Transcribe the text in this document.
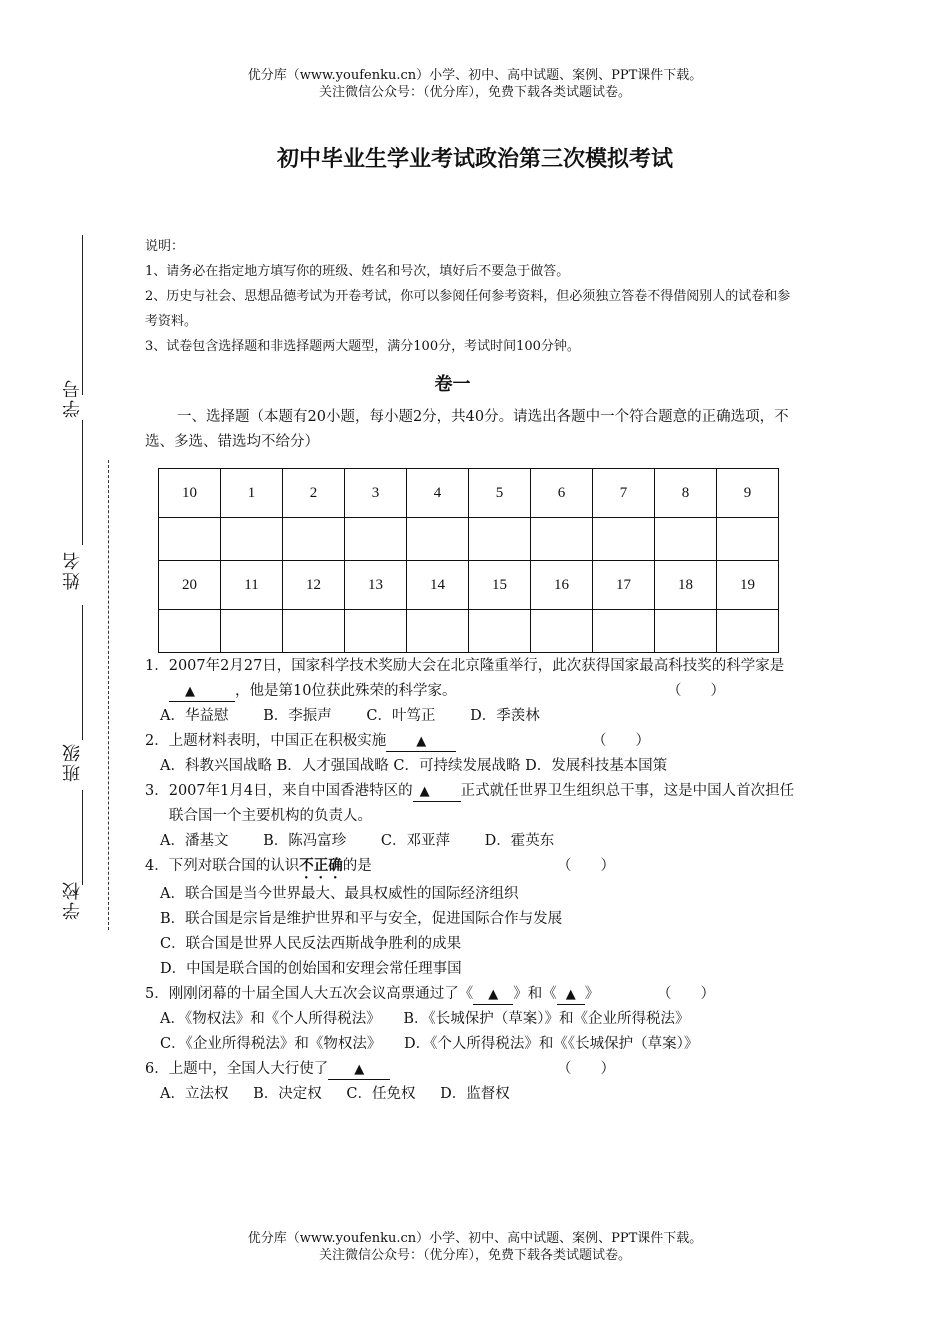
优分库（www.youfenku.cn）小学、初中、高中试题、案例、PPT课件下载。
关注微信公众号：（优分库），免费下载各类试题试卷。
初中毕业生学业考试政治第三次模拟考试
学号
姓名
班级
学校
说明：
1、请务必在指定地方填写你的班级、姓名和号次，填好后不要急于做答。
2、历史与社会、思想品德考试为开卷考试，你可以参阅任何参考资料，但必须独立答卷不得借阅别人的试卷和参考资料。
3、试卷包含选择题和非选择题两大题型，满分100分，考试时间100分钟。
卷一
一、选择题（本题有20小题，每小题2分，共40分。请选出各题中一个符合题意的正确选项，不选、多选、错选均不给分）
10	1	2	3	4	5	6	7	8	9

20	11	12	13	14	15	16	17	18	19

1．2007年2月27日，国家科学技术奖励大会在北京隆重举行，此次获得国家最高科技奖的科学家是▲	，他是第10位获此殊荣的科学家。	（　　）
A．华益慰 B．李振声 C．叶笃正 D．季羡林
2．上题材料表明，中国正在积极实施 ▲	（　　）
A．科教兴国战略 B．人才强国战略 C．可持续发展战略 D．发展科技基本国策
3．2007年1月4日，来自中国香港特区的 ▲ 正式就任世界卫生组织总干事，这是中国人首次担任联合国一个主要机构的负责人。
A．潘基文 B．陈冯富珍 C．邓亚萍 D．霍英东
4．下列对联合国的认识不正确的是	（　　）
A．联合国是当今世界最大、最具权威性的国际经济组织
B．联合国是宗旨是维护世界和平与安全，促进国际合作与发展
C．联合国是世界人民反法西斯战争胜利的成果
D．中国是联合国的创始国和安理会常任理事国
5．刚刚闭幕的十届全国人大五次会议高票通过了《 ▲ 》和《 ▲ 》	（　　）
A．《物权法》和《个人所得税法》 B．《长城保护（草案）》和《企业所得税法》
C．《企业所得税法》和《物权法》 D．《个人所得税法》和《《长城保护（草案）》
6．上题中，全国人大行使了 ▲	（　　）
A．立法权 B．决定权 C．任免权 D．监督权
优分库（www.youfenku.cn）小学、初中、高中试题、案例、PPT课件下载。
关注微信公众号：（优分库），免费下载各类试题试卷。
